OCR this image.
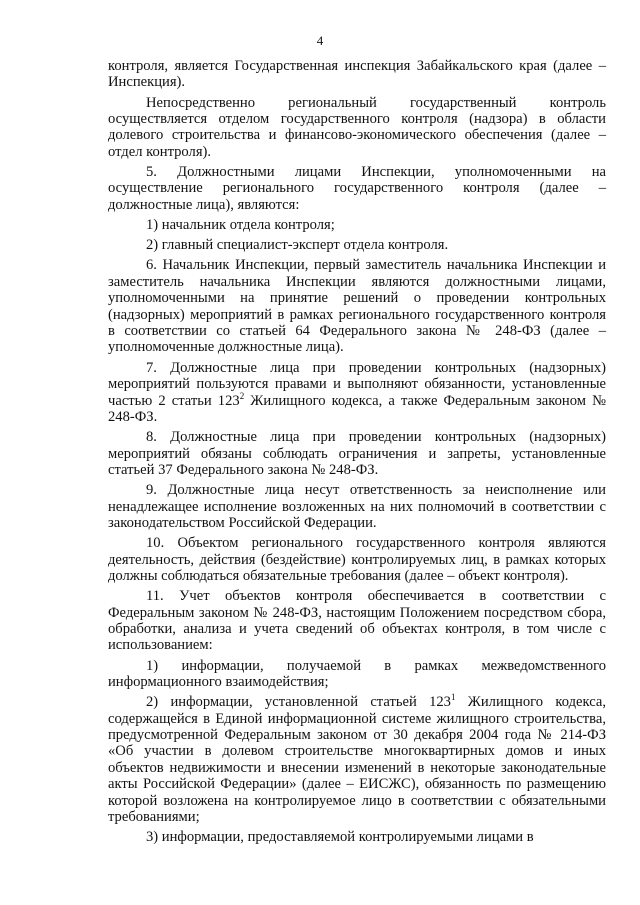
4

контроля, является Государственная инспекция Забайкальского края (далее – Инспекция).

Непосредственно региональный государственный контроль осуществляется отделом государственного контроля (надзора) в области долевого строительства и финансово-экономического обеспечения (далее – отдел контроля).

5. Должностными лицами Инспекции, уполномоченными на осуществление регионального государственного контроля (далее – должностные лица), являются:

1) начальник отдела контроля;

2) главный специалист-эксперт отдела контроля.

6. Начальник Инспекции, первый заместитель начальника Инспекции и заместитель начальника Инспекции являются должностными лицами, уполномоченными на принятие решений о проведении контрольных (надзорных) мероприятий в рамках регионального государственного контроля в соответствии со статьей 64 Федерального закона № 248-ФЗ (далее – уполномоченные должностные лица).

7. Должностные лица при проведении контрольных (надзорных) мероприятий пользуются правами и выполняют обязанности, установленные частью 2 статьи $123^2$ Жилищного кодекса, а также Федеральным законом № 248-ФЗ.

8. Должностные лица при проведении контрольных (надзорных) мероприятий обязаны соблюдать ограничения и запреты, установленные статьей 37 Федерального закона № 248-ФЗ.

9. Должностные лица несут ответственность за неисполнение или ненадлежащее исполнение возложенных на них полномочий в соответствии с законодательством Российской Федерации.

10. Объектом регионального государственного контроля являются деятельность, действия (бездействие) контролируемых лиц, в рамках которых должны соблюдаться обязательные требования (далее – объект контроля).

11. Учет объектов контроля обеспечивается в соответствии с Федеральным законом № 248-ФЗ, настоящим Положением посредством сбора, обработки, анализа и учета сведений об объектах контроля, в том числе с использованием:

1) информации, получаемой в рамках межведомственного информационного взаимодействия;

2) информации, установленной статьей $123^1$ Жилищного кодекса, содержащейся в Единой информационной системе жилищного строительства, предусмотренной Федеральным законом от 30 декабря 2004 года № 214-ФЗ «Об участии в долевом строительстве многоквартирных домов и иных объектов недвижимости и внесении изменений в некоторые законодательные акты Российской Федерации» (далее – ЕИСЖС), обязанность по размещению которой возложена на контролируемое лицо в соответствии с обязательными требованиями;

3) информации, предоставляемой контролируемыми лицами в
